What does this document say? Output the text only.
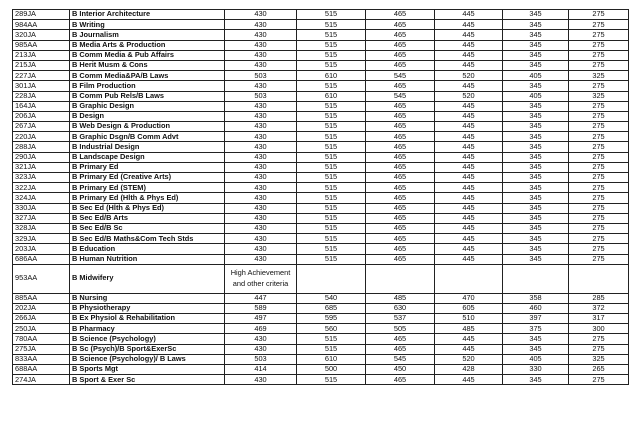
289JA	B Interior Architecture	430	515	465	445	345	275
984AA	B Writing	430	515	465	445	345	275
320JA	B Journalism	430	515	465	445	345	275
985AA	B Media Arts & Production	430	515	465	445	345	275
213JA	B Comm Media & Pub Affairs	430	515	465	445	345	275
215JA	B Herit Musm & Cons	430	515	465	445	345	275
227JA	B Comm Media&PA/B Laws	503	610	545	520	405	325
301JA	B Film Production	430	515	465	445	345	275
228JA	B Comm Pub Rels/B Laws	503	610	545	520	405	325
164JA	B Graphic Design	430	515	465	445	345	275
206JA	B Design	430	515	465	445	345	275
267JA	B Web Design & Production	430	515	465	445	345	275
220JA	B Graphic Dsgn/B Comm Advt	430	515	465	445	345	275
288JA	B Industrial Design	430	515	465	445	345	275
290JA	B Landscape Design	430	515	465	445	345	275
321JA	B Primary Ed	430	515	465	445	345	275
323JA	B Primary Ed (Creative Arts)	430	515	465	445	345	275
322JA	B Primary Ed (STEM)	430	515	465	445	345	275
324JA	B Primary Ed (Hlth & Phys Ed)	430	515	465	445	345	275
330JA	B Sec Ed (Hlth & Phys Ed)	430	515	465	445	345	275
327JA	B Sec Ed/B Arts	430	515	465	445	345	275
328JA	B Sec Ed/B Sc	430	515	465	445	345	275
329JA	B Sec Ed/B Maths&Com Tech Stds	430	515	465	445	345	275
203JA	B Education	430	515	465	445	345	275
686AA	B Human Nutrition	430	515	465	445	345	275
953AA	B Midwifery	High Achievement and other criteria					
885AA	B Nursing	447	540	485	470	358	285
202JA	B Physiotherapy	589	685	630	605	460	372
266JA	B Ex Physiol & Rehabilitation	497	595	537	510	397	317
250JA	B Pharmacy	469	560	505	485	375	300
780AA	B Science (Psychology)	430	515	465	445	345	275
275JA	B Sc (Psych)/B Sport&ExerSc	430	515	465	445	345	275
833AA	B Science (Psychology)/ B Laws	503	610	545	520	405	325
688AA	B Sports Mgt	414	500	450	428	330	265
274JA	B Sport & Exer Sc	430	515	465	445	345	275
